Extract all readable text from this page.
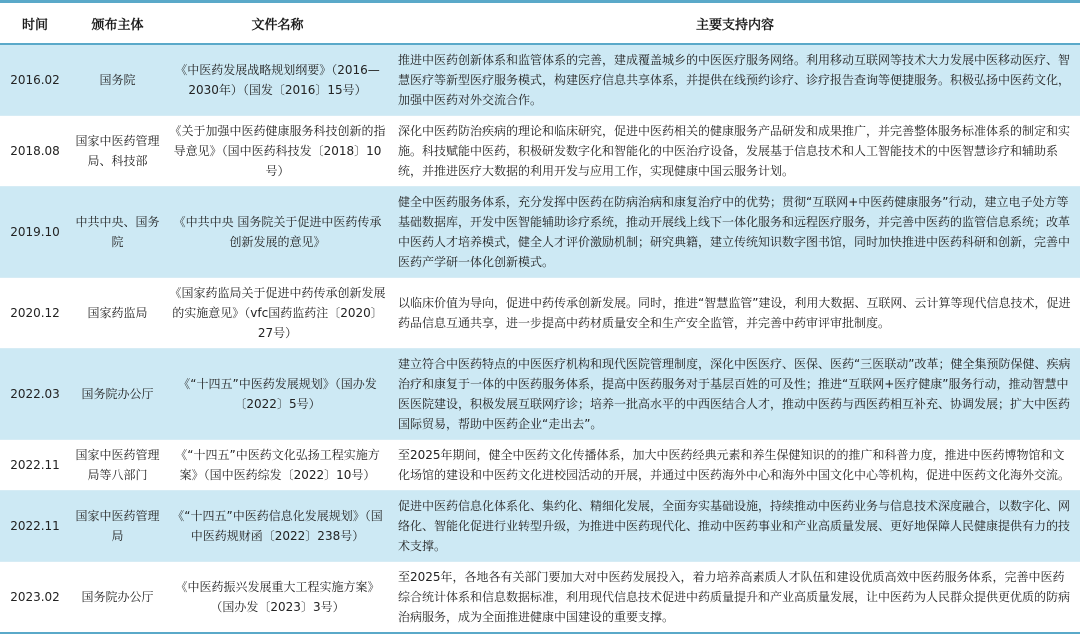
时间	颁布主体	文件名称	主要支持内容
2016.02	国务院	《中医药发展战略规划纲要》（2016—2030年）（国发〔2016〕15号）	推进中医药创新体系和监管体系的完善，建成覆盖城乡的中医医疗服务网络。利用移动互联网等技术大力发展中医移动医疗、智慧医疗等新型医疗服务模式，构建医疗信息共享体系，并提供在线预约诊疗、诊疗报告查询等便捷服务。积极弘扬中医药文化，加强中医药对外交流合作。
2018.08	国家中医药管理局、科技部	《关于加强中医药健康服务科技创新的指导意见》（国中医药科技发〔2018〕10号）	深化中医药防治疾病的理论和临床研究，促进中医药相关的健康服务产品研发和成果推广，并完善整体服务标准体系的制定和实施。科技赋能中医药，积极研发数字化和智能化的中医治疗设备，发展基于信息技术和人工智能技术的中医智慧诊疗和辅助系统，并推进医疗大数据的利用开发与应用工作，实现健康中国云服务计划。
2019.10	中共中央、国务院	《中共中央 国务院关于促进中医药传承创新发展的意见》	健全中医药服务体系，充分发挥中医药在防病治病和康复治疗中的优势；贯彻“互联网+中医药健康服务”行动，建立电子处方等基础数据库，开发中医智能辅助诊疗系统，推动开展线上线下一体化服务和远程医疗服务，并完善中医药的监管信息系统；改革中医药人才培养模式，健全人才评价激励机制；研究典籍，建立传统知识数字图书馆，同时加快推进中医药科研和创新，完善中医药产学研一体化创新模式。
2020.12	国家药监局	《国家药监局关于促进中药传承创新发展的实施意见》（vfc国药监药注〔2020〕27号）	以临床价值为导向，促进中药传承创新发展。同时，推进“智慧监管”建设，利用大数据、互联网、云计算等现代信息技术，促进药品信息互通共享，进一步提高中药材质量安全和生产安全监管，并完善中药审评审批制度。
2022.03	国务院办公厅	《“十四五”中医药发展规划》（国办发〔2022〕5号）	建立符合中医药特点的中医医疗机构和现代医院管理制度，深化中医医疗、医保、医药“三医联动”改革；健全集预防保健、疾病治疗和康复于一体的中医药服务体系，提高中医药服务对于基层百姓的可及性；推进“互联网+医疗健康”服务行动，推动智慧中医医院建设，积极发展互联网疗诊；培养一批高水平的中西医结合人才，推动中医药与西医药相互补充、协调发展；扩大中医药国际贸易，帮助中医药企业“走出去”。
2022.11	国家中医药管理局等八部门	《“十四五”中医药文化弘扬工程实施方案》（国中医药综发〔2022〕10号）	至2025年期间，健全中医药文化传播体系，加大中医药经典元素和养生保健知识的的推广和科普力度，推进中医药博物馆和文化场馆的建设和中医药文化进校园活动的开展，并通过中医药海外中心和海外中国文化中心等机构，促进中医药文化海外交流。
2022.11	国家中医药管理局	《“十四五”中医药信息化发展规划》（国中医药规财函〔2022〕238号）	促进中医药信息化体系化、集约化、精细化发展，全面夯实基础设施，持续推动中医药业务与信息技术深度融合，以数字化、网络化、智能化促进行业转型升级，为推进中医药现代化、推动中医药事业和产业高质量发展、更好地保障人民健康提供有力的技术支撑。
2023.02	国务院办公厅	《中医药振兴发展重大工程实施方案》（国办发〔2023〕3号）	至2025年，各地各有关部门要加大对中医药发展投入，着力培养高素质人才队伍和建设优质高效中医药服务体系，完善中医药综合统计体系和信息数据标准，利用现代信息技术促进中药质量提升和产业高质量发展，让中医药为人民群众提供更优质的防病治病服务，成为全面推进健康中国建设的重要支撑。
